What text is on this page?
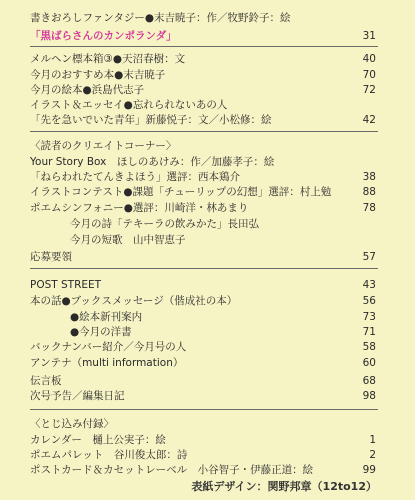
書きおろしファンタジー●末吉暁子：作／牧野鈴子：絵
「黒ばらさんのカンポランダ」	31
メルヘン標本箱③●天沼春樹：文	40
今月のおすすめ本●末吉暁子	70
今月の絵本●浜島代志子	72
イラスト＆エッセイ●忘れられないあの人
「先を急いでいた青年」新藤悦子：文／小松修：絵	42
〈読者のクリエイトコーナー〉
Your Story Box　ほしのあけみ：作／加藤孝子：絵
「ねらわれたてんきよほう」選評：西本鶏介	38
イラストコンテスト●課題「チューリップの幻想」選評：村上勉	88
ポエムシンフォニー●選評：川崎洋・林あまり	78
今月の詩「テキーラの飲みかた」長田弘
今月の短歌　山中智恵子
応募要領	57
POST STREET	43
本の話●ブックスメッセージ（偕成社の本）	56
●絵本新刊案内	73
●今月の洋書	71
バックナンバー紹介／今月号の人	58
アンテナ（multi information）	60
伝言板	68
次号予告／編集日記	98
〈とじ込み付録〉
カレンダー　樋上公実子：絵	1
ポエムパレット　谷川俊太郎：詩	2
ポストカード＆カセットレーベル　小谷智子・伊藤正道：絵	99
表紙デザイン：関野邦章（12to12）
